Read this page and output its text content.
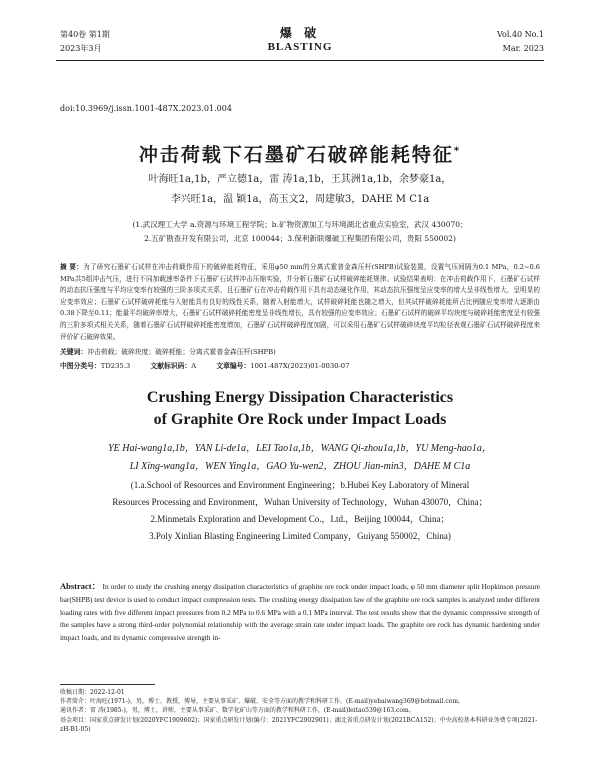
第40卷 第1期
2023年3月
爆 破
BLASTING
Vol.40 No.1
Mar. 2023
doi:10.3969/j.issn.1001-487X.2023.01.004
冲击荷载下石墨矿石破碎能耗特征*
叶海旺1a,1b，严立德1a，雷 涛1a,1b，王其洲1a,1b，余梦豪1a，
李兴旺1a，温 颖1a，高玉文2，周建敏3，DAHE M C1a
(1.武汉理工大学 a.资源与环境工程学院；b.矿物资源加工与环境湖北省重点实验室，武汉 430070；
2.五矿勘查开发有限公司，北京 100044；3.保利新联爆破工程集团有限公司，贵阳 550002)
摘 要：为了研究石墨矿石试样在冲击荷载作用下的破碎能耗特征，采用φ50 mm的分离式霍普金森压杆(SHPB)试验装置，设置气压间隔为0.1 MPa，0.2~0.6 MPa共5组冲击气压，进行不同加载速率条件下石墨矿石试样冲击压缩实验，并分析石墨矿石试样破碎能耗规律。试验结果表明：在冲击荷载作用下，石墨矿石试样的动态抗压强度与平均应变率有较强的三阶多项式关系，且石墨矿石在冲击荷载作用下具有动态硬化作用，其动态抗压强度呈应变率的增大呈非线性增大，呈明显的应变率效应；石墨矿石试样破碎耗能与入射能具有良好的线性关系，随着入射能增大，试样破碎耗能也随之增大，但其试样破碎耗能所占比例随应变率增大逐渐由0.38下降至0.11；能量平均破碎率增大，石墨矿石试样破碎耗能密度呈非线性增长，具有较强的应变率效应；石墨矿石试样的破碎平均块度与破碎耗能密度呈有较强的三阶多项式相关关系，随着石墨矿石试样破碎耗能密度增加，石墨矿石试样破碎程度加剧，可以采用石墨矿石试样破碎块度平均粒径表观石墨矿石试样破碎程度来评价矿石破碎效果。
关键词：冲击荷载；破碎块度；破碎耗能；分离式霍普金森压杆(SHPB)
中图分类号：TD235.3	文献标识码：A	文章编号：1001-487X(2023)01-0030-07
Crushing Energy Dissipation Characteristics
of Graphite Ore Rock under Impact Loads
YE Hai-wang1a,1b，YAN Li-de1a，LEI Tao1a,1b，WANG Qi-zhou1a,1b，YU Meng-hao1a，
LI Xing-wang1a，WEN Ying1a，GAO Yu-wen2，ZHOU Jian-min3，DAHE M C1a
(1.a.School of Resources and Environment Engineering；b.Hubei Key Laboratory of Mineral
Resources Processing and Environment，Wuhan University of Technology，Wuhan 430070，China；
2.Minmetals Exploration and Development Co.，Ltd.，Beijing 100044，China；
3.Poly Xinlian Blasting Engineering Limited Company，Guiyang 550002，China)
Abstract： In order to study the crushing energy dissipation characteristics of graphite ore rock under impact loads, φ 50 mm diameter split Hopkinson pressure bar(SHPB) test device is used to conduct impact compression tests. The crushing energy dissipation law of the graphite ore rock samples is analyzed under different loading rates with five different impact pressures from 0.2 MPa to 0.6 MPa with a 0.1 MPa interval. The test results show that the dynamic compressive strength of the samples have a strong third-order polynomial relationship with the average strain rate under impact loads. The graphite ore rock has dynamic hardening under impact loads, and its dynamic compressive strength in-
收稿日期：2022-12-01
作者简介：叶海旺(1971-)，男，博士，教授，博导，主要从事采矿、爆破、安全等方面的教学和科研工作，(E-mail)yehaiwang369@hotmail.com。
通讯作者：雷 涛(1985-)，男，博士，讲师，主要从事采矿、数字化矿山等方面的教学和科研工作，(E-mail)leitao539@163.com。
基金项目：国家重点研发计划(2020YFC1909602)；国家重点研发计划(编号：2021YFC2902901)；湖北省重点研发计划(2021BCA152)；中央高校基本科研业务费专项(2021-zH-B1-05)
